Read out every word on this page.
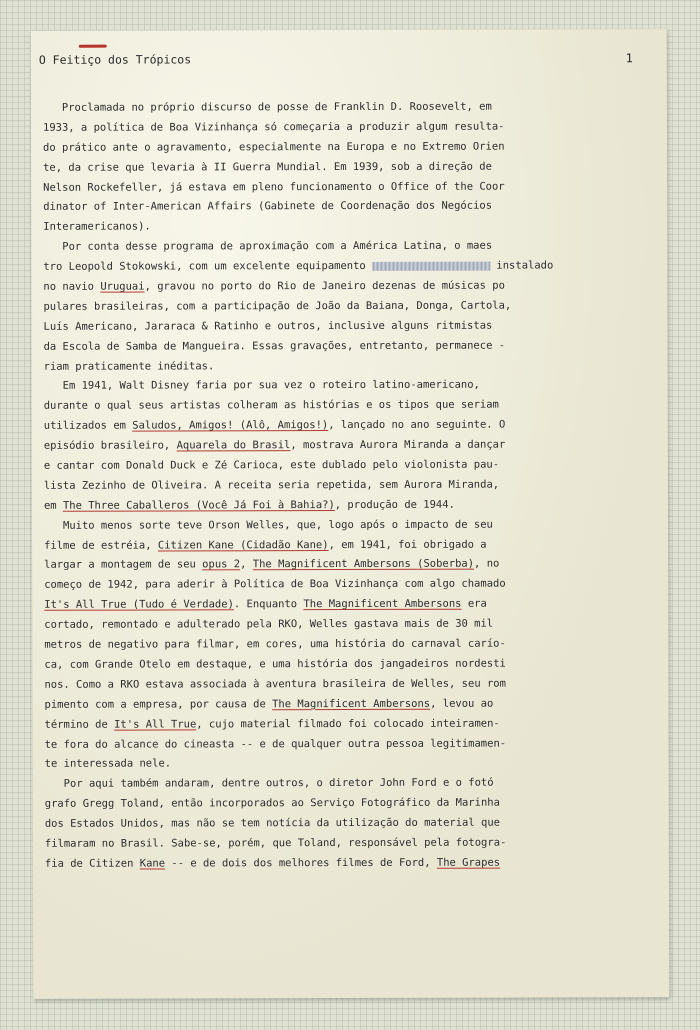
O Feitiço dos Trópicos	1
Proclamada no próprio discurso de posse de Franklin D. Roosevelt, em
1933, a política de Boa Vizinhança só começaria a produzir algum resulta-
do prático ante o agravamento, especialmente na Europa e no Extremo Orien
te, da crise que levaria à II Guerra Mundial. Em 1939, sob a direção de
Nelson Rockefeller, já estava em pleno funcionamento o Office of the Coor
dinator of Inter-American Affairs (Gabinete de Coordenação dos Negócios
Interamericanos).
Por conta desse programa de aproximação com a América Latina, o maes
tro Leopold Stokowski, com um excelente equipamento	instalado
no navio Uruguai, gravou no porto do Rio de Janeiro dezenas de músicas po
pulares brasileiras, com a participação de João da Baiana, Donga, Cartola,
Luís Americano, Jararaca & Ratinho e outros, inclusive alguns ritmistas
da Escola de Samba de Mangueira. Essas gravações, entretanto, permanece -
riam praticamente inéditas.
Em 1941, Walt Disney faria por sua vez o roteiro latino-americano,
durante o qual seus artistas colheram as histórias e os tipos que seriam
utilizados em Saludos, Amigos! (Alô, Amigos!), lançado no ano seguinte. O
episódio brasileiro, Aquarela do Brasil, mostrava Aurora Miranda a dançar
e cantar com Donald Duck e Zé Carioca, este dublado pelo violonista pau-
lista Zezinho de Oliveira. A receita seria repetida, sem Aurora Miranda,
em The Three Caballeros (Você Já Foi à Bahia?), produção de 1944.
Muito menos sorte teve Orson Welles, que, logo após o impacto de seu
filme de estréia, Citizen Kane (Cidadão Kane), em 1941, foi obrigado a
largar a montagem de seu opus 2, The Magnificent Ambersons (Soberba), no
começo de 1942, para aderir à Política de Boa Vizinhança com algo chamado
It's All True (Tudo é Verdade). Enquanto The Magnificent Ambersons era
cortado, remontado e adulterado pela RKO, Welles gastava mais de 30 mil
metros de negativo para filmar, em cores, uma história do carnaval carío-
ca, com Grande Otelo em destaque, e uma história dos jangadeiros nordesti
nos. Como a RKO estava associada à aventura brasileira de Welles, seu rom
pimento com a empresa, por causa de The Magnificent Ambersons, levou ao
término de It's All True, cujo material filmado foi colocado inteiramen-
te fora do alcance do cineasta -- e de qualquer outra pessoa legitimamen-
te interessada nele.
Por aqui também andaram, dentre outros, o diretor John Ford e o fotó
grafo Gregg Toland, então incorporados ao Serviço Fotográfico da Marinha
dos Estados Unidos, mas não se tem notícia da utilização do material que
filmaram no Brasil. Sabe-se, porém, que Toland, responsável pela fotogra-
fia de Citizen Kane -- e de dois dos melhores filmes de Ford, The Grapes
